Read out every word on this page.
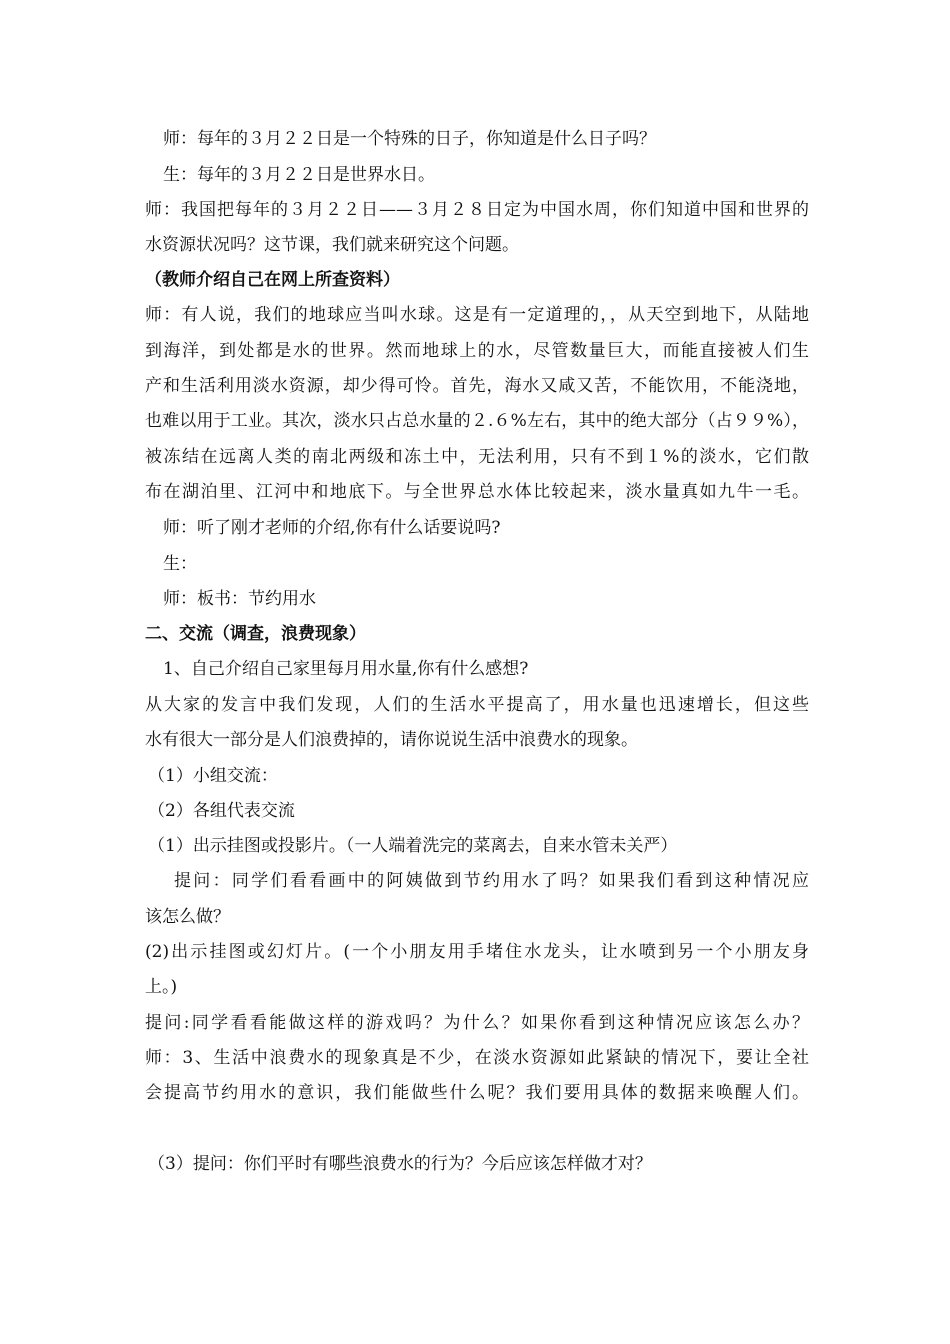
师：每年的３月２２日是一个特殊的日子，你知道是什么日子吗？
生：每年的３月２２日是世界水日。
师：我国把每年的３月２２日——３月２８日定为中国水周，你们知道中国和世界的
水资源状况吗？这节课，我们就来研究这个问题。
（教师介绍自己在网上所查资料）
师：有人说，我们的地球应当叫水球。这是有一定道理的，，从天空到地下，从陆地
到海洋，到处都是水的世界。然而地球上的水，尽管数量巨大，而能直接被人们生
产和生活利用淡水资源，却少得可怜。首先，海水又咸又苦，不能饮用，不能浇地，
也难以用于工业。其次，淡水只占总水量的２.６%左右，其中的绝大部分（占９９%），
被冻结在远离人类的南北两级和冻土中，无法利用，只有不到１%的淡水，它们散
布在湖泊里、江河中和地底下。与全世界总水体比较起来，淡水量真如九牛一毛。
师：听了刚才老师的介绍,你有什么话要说吗?
生：
师：板书：节约用水
二、交流（调查，浪费现象）
1、自己介绍自己家里每月用水量,你有什么感想?
从大家的发言中我们发现，人们的生活水平提高了，用水量也迅速增长，但这些
水有很大一部分是人们浪费掉的，请你说说生活中浪费水的现象。
（1）小组交流：
（2）各组代表交流
（1）出示挂图或投影片。（一人端着洗完的菜离去，自来水管未关严）
提问：同学们看看画中的阿姨做到节约用水了吗？如果我们看到这种情况应
该怎么做？
(2)出示挂图或幻灯片。(一个小朋友用手堵住水龙头，让水喷到另一个小朋友身
上。)
提问:同学看看能做这样的游戏吗？为什么？如果你看到这种情况应该怎么办？
师：3、生活中浪费水的现象真是不少，在淡水资源如此紧缺的情况下，要让全社
会提高节约用水的意识，我们能做些什么呢？我们要用具体的数据来唤醒人们。
（3）提问：你们平时有哪些浪费水的行为？今后应该怎样做才对？
